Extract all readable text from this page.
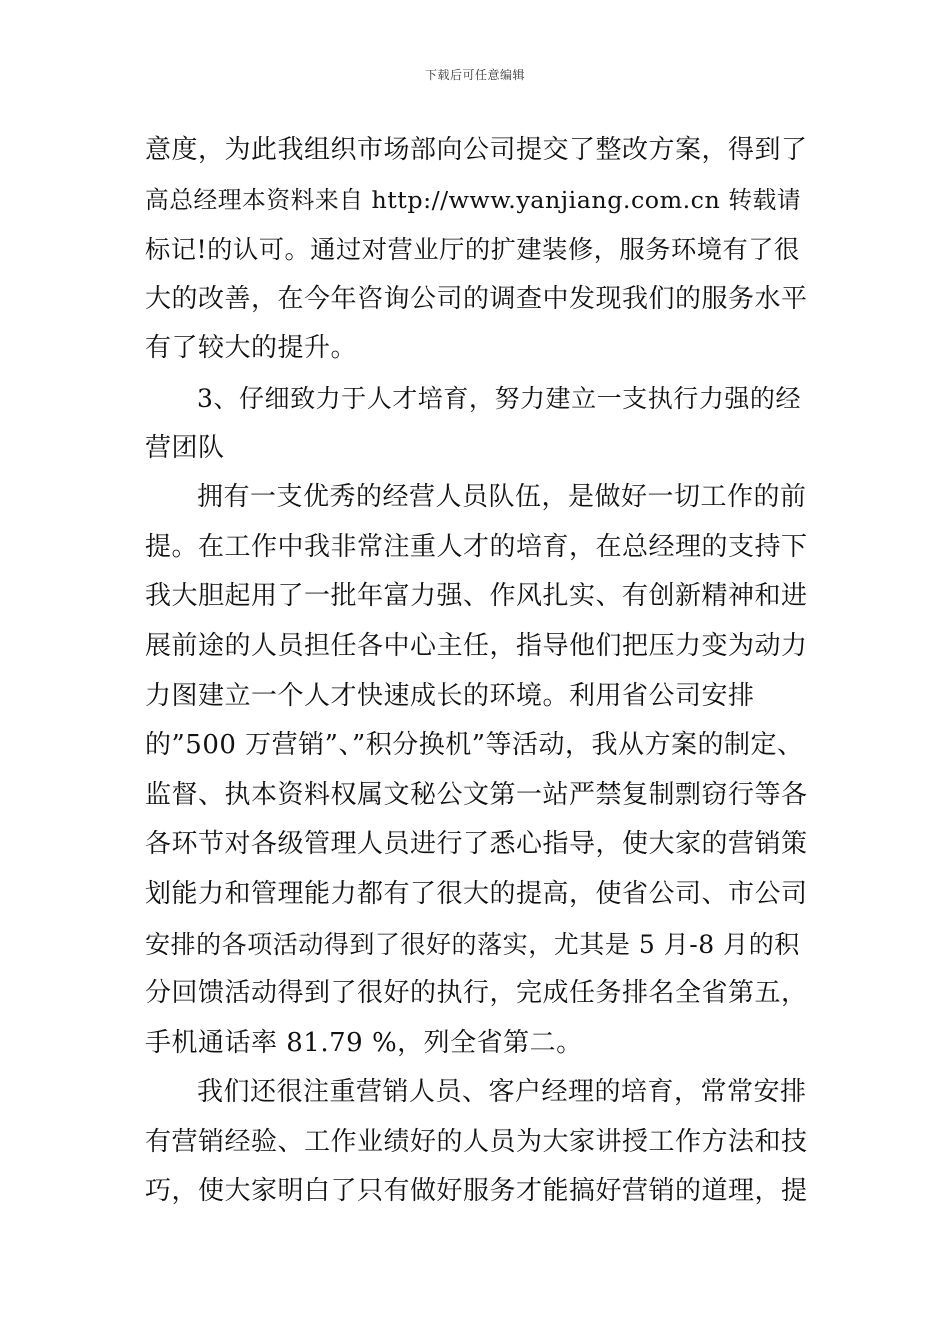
下载后可任意编辑
意度，为此我组织市场部向公司提交了整改方案，得到了
高总经理本资料来自 http://www.yanjiang.com.cn 转载请
标记!的认可。通过对营业厅的扩建装修，服务环境有了很
大的改善，在今年咨询公司的调查中发现我们的服务水平
有了较大的提升。
3、仔细致力于人才培育，努力建立一支执行力强的经
营团队
拥有一支优秀的经营人员队伍，是做好一切工作的前
提。在工作中我非常注重人才的培育，在总经理的支持下
我大胆起用了一批年富力强、作风扎实、有创新精神和进
展前途的人员担任各中心主任，指导他们把压力变为动力
力图建立一个人才快速成长的环境。利用省公司安排
的”500 万营销”、”积分换机”等活动，我从方案的制定、
监督、执本资料权属文秘公文第一站严禁复制剽窃行等各
各环节对各级管理人员进行了悉心指导，使大家的营销策
划能力和管理能力都有了很大的提高，使省公司、市公司
安排的各项活动得到了很好的落实，尤其是 5 月-8 月的积
分回馈活动得到了很好的执行，完成任务排名全省第五，
手机通话率 81.79 %，列全省第二。
我们还很注重营销人员、客户经理的培育，常常安排
有营销经验、工作业绩好的人员为大家讲授工作方法和技
巧，使大家明白了只有做好服务才能搞好营销的道理，提
